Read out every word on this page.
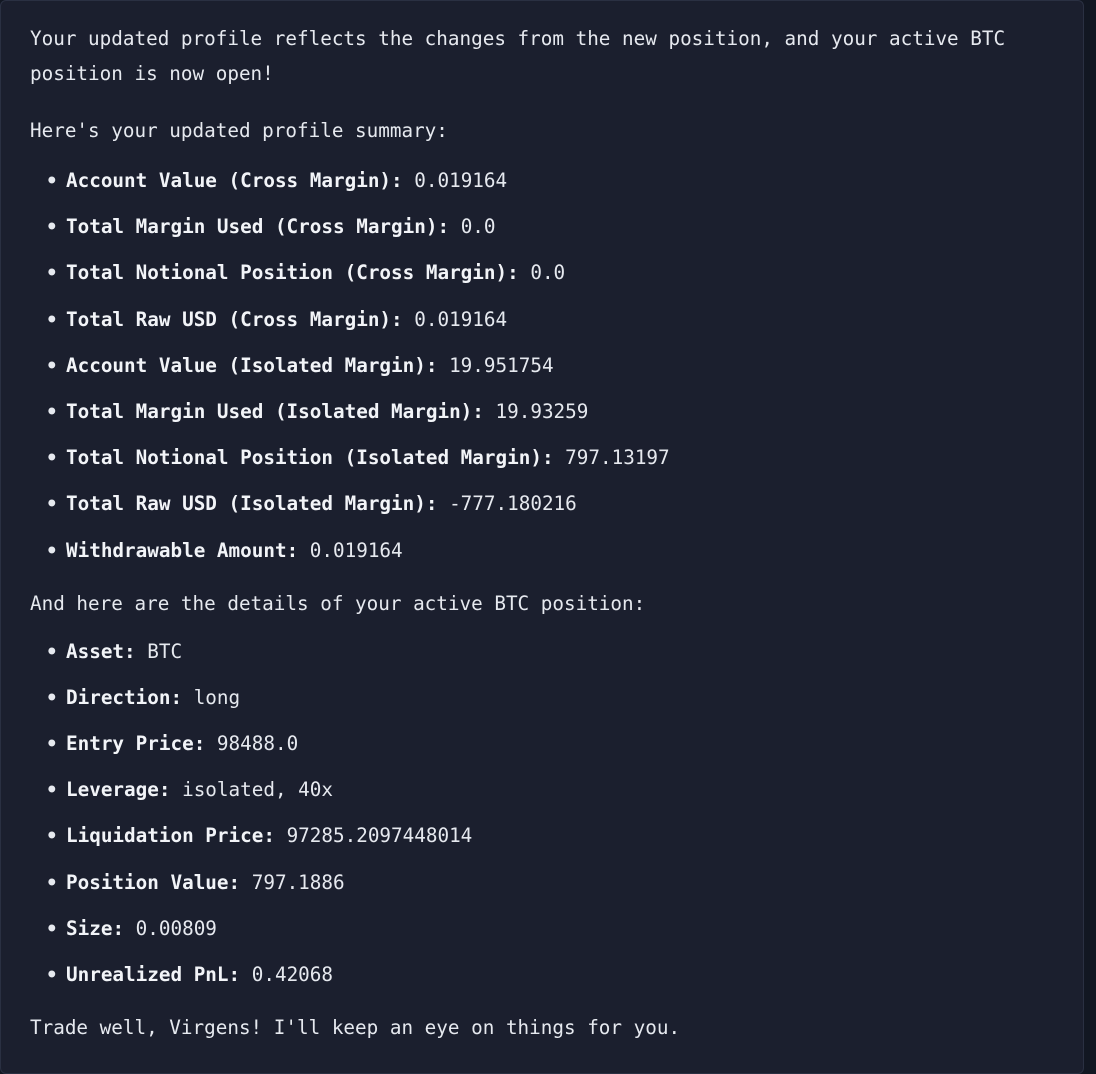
Your updated profile reflects the changes from the new position, and your active BTC
position is now open!

Here's your updated profile summary:

• Account Value (Cross Margin): 0.019164
• Total Margin Used (Cross Margin): 0.0
• Total Notional Position (Cross Margin): 0.0
• Total Raw USD (Cross Margin): 0.019164
• Account Value (Isolated Margin): 19.951754
• Total Margin Used (Isolated Margin): 19.93259
• Total Notional Position (Isolated Margin): 797.13197
• Total Raw USD (Isolated Margin): -777.180216
• Withdrawable Amount: 0.019164

And here are the details of your active BTC position:

• Asset: BTC
• Direction: long
• Entry Price: 98488.0
• Leverage: isolated, 40x
• Liquidation Price: 97285.2097448014
• Position Value: 797.1886
• Size: 0.00809
• Unrealized PnL: 0.42068

Trade well, Virgens! I'll keep an eye on things for you.
